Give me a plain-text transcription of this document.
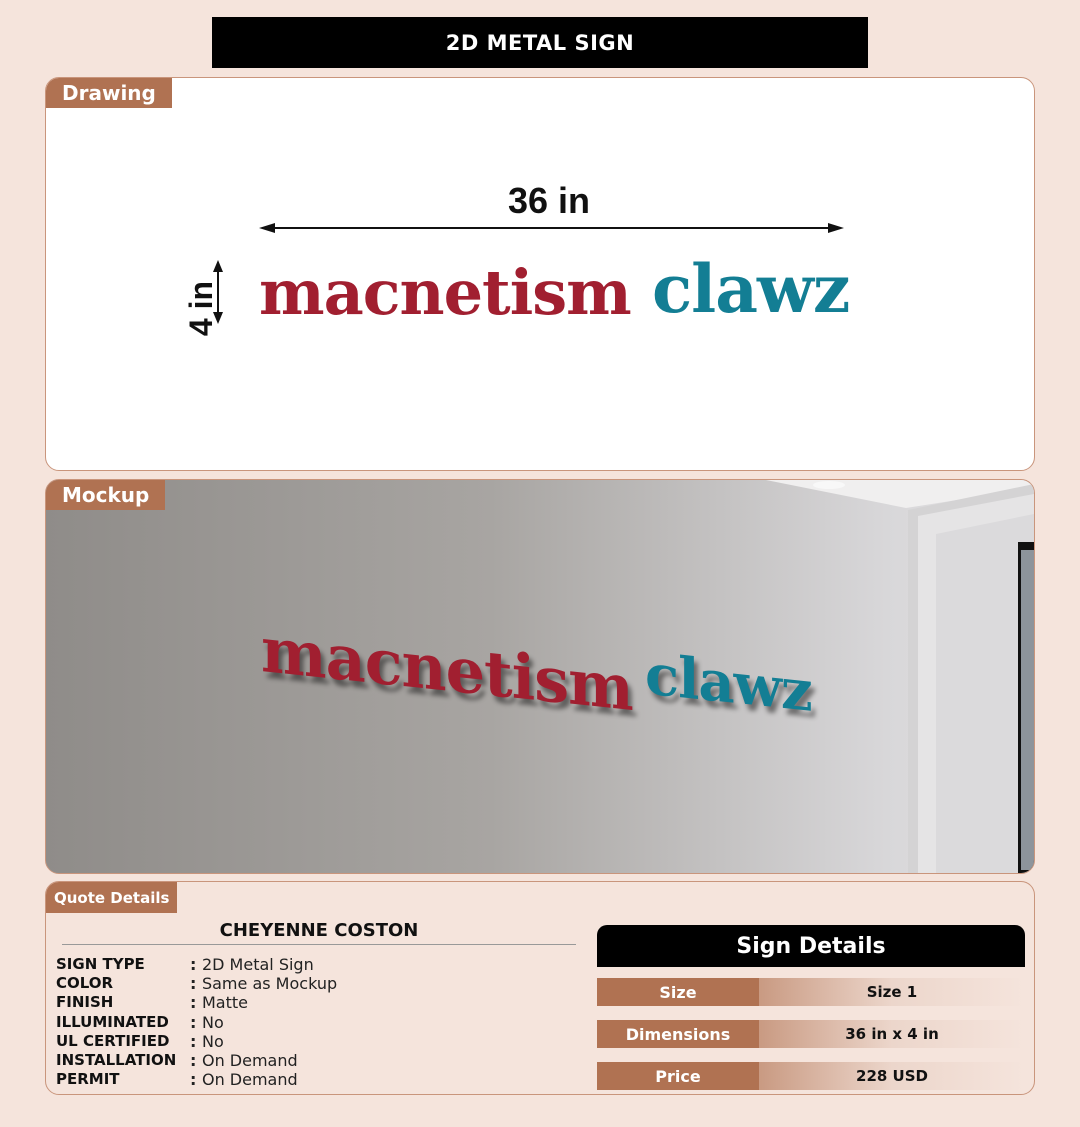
2D METAL SIGN
Drawing
36 in
4 in macnetism clawz
Mockup
macnetism clawz
Quote Details
CHEYENNE COSTON
SIGN TYPE	: 2D Metal Sign
COLOR	: Same as Mockup
FINISH	: Matte
ILLUMINATED	: No
UL CERTIFIED	: No
INSTALLATION	: On Demand
PERMIT	: On Demand
Sign Details
Size	Size 1
Dimensions	36 in x 4 in
Price	228 USD
